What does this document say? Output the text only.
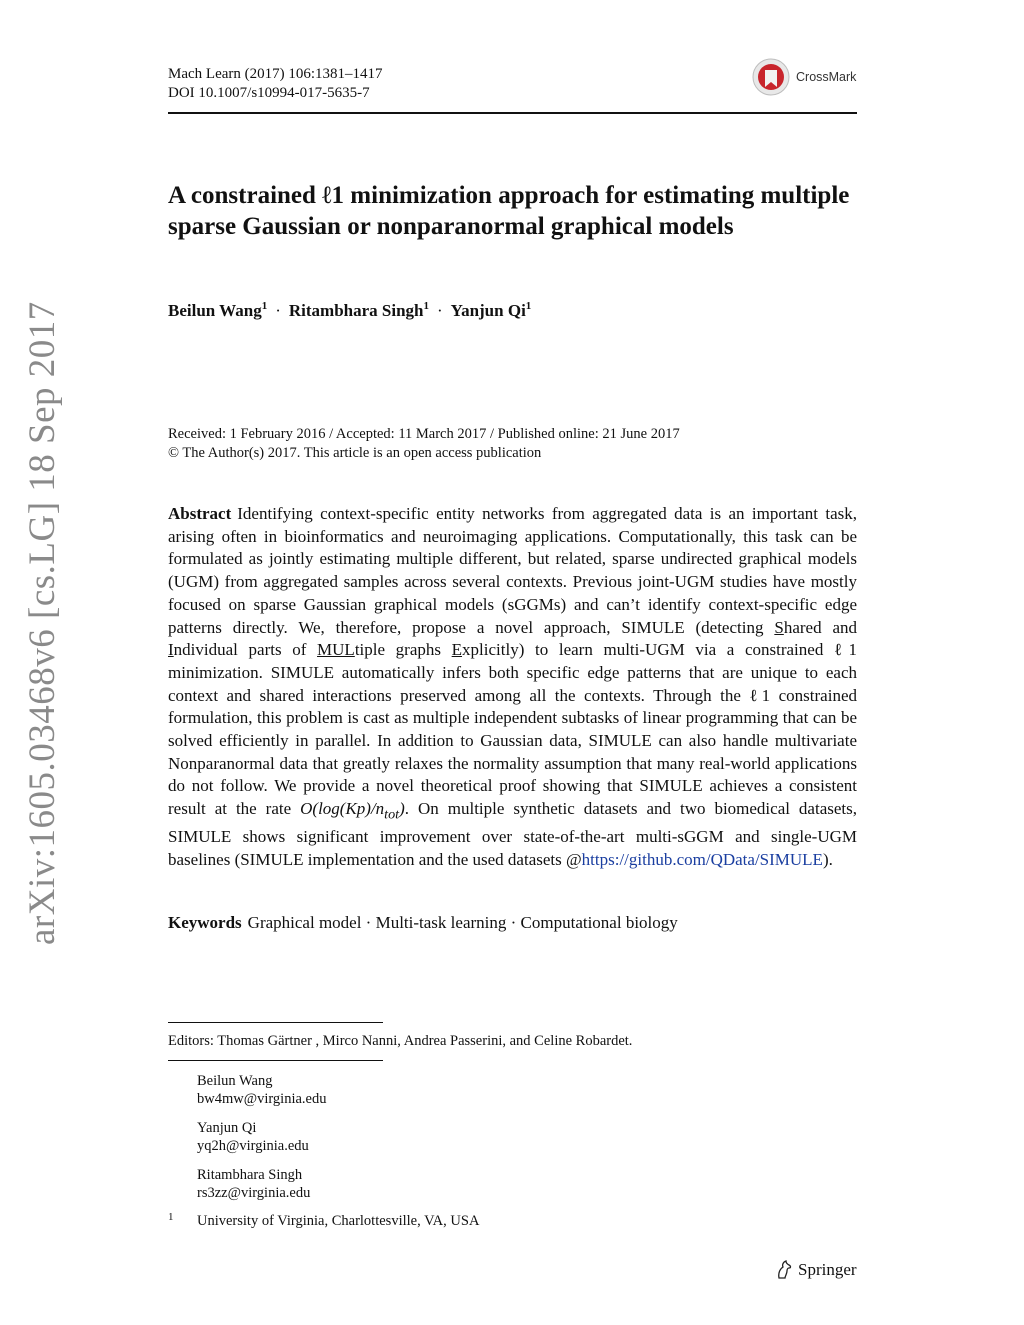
arXiv:1605.03468v6 [cs.LG] 18 Sep 2017
Mach Learn (2017) 106:1381–1417
DOI 10.1007/s10994-017-5635-7
CrossMark
A constrained ℓ1 minimization approach for estimating multiple sparse Gaussian or nonparanormal graphical models
Beilun Wang$^1$ · Ritambhara Singh$^1$ · Yanjun Qi$^1$
Received: 1 February 2016 / Accepted: 11 March 2017 / Published online: 21 June 2017
© The Author(s) 2017. This article is an open access publication
Abstract Identifying context-specific entity networks from aggregated data is an important task, arising often in bioinformatics and neuroimaging applications. Computationally, this task can be formulated as jointly estimating multiple different, but related, sparse undirected graphical models (UGM) from aggregated samples across several contexts. Previous joint-UGM studies have mostly focused on sparse Gaussian graphical models (sGGMs) and can’t identify context-specific edge patterns directly. We, therefore, propose a novel approach, SIMULE (detecting Shared and Individual parts of MULtiple graphs Explicitly) to learn multi-UGM via a constrained ℓ1 minimization. SIMULE automatically infers both specific edge patterns that are unique to each context and shared interactions preserved among all the contexts. Through the ℓ1 constrained formulation, this problem is cast as multiple independent subtasks of linear programming that can be solved efficiently in parallel. In addition to Gaussian data, SIMULE can also handle multivariate Nonparanormal data that greatly relaxes the normality assumption that many real-world applications do not follow. We provide a novel theoretical proof showing that SIMULE achieves a consistent result at the rate $O(\log(Kp)/n_{tot})$. On multiple synthetic datasets and two biomedical datasets, SIMULE shows significant improvement over state-of-the-art multi-sGGM and single-UGM baselines (SIMULE implementation and the used datasets @https://github.com/QData/SIMULE).
Keywords Graphical model · Multi-task learning · Computational biology
Editors: Thomas Gärtner , Mirco Nanni, Andrea Passerini, and Celine Robardet.
Beilun Wang
bw4mw@virginia.edu
Yanjun Qi
yq2h@virginia.edu
Ritambhara Singh
rs3zz@virginia.edu
1 University of Virginia, Charlottesville, VA, USA
Springer
